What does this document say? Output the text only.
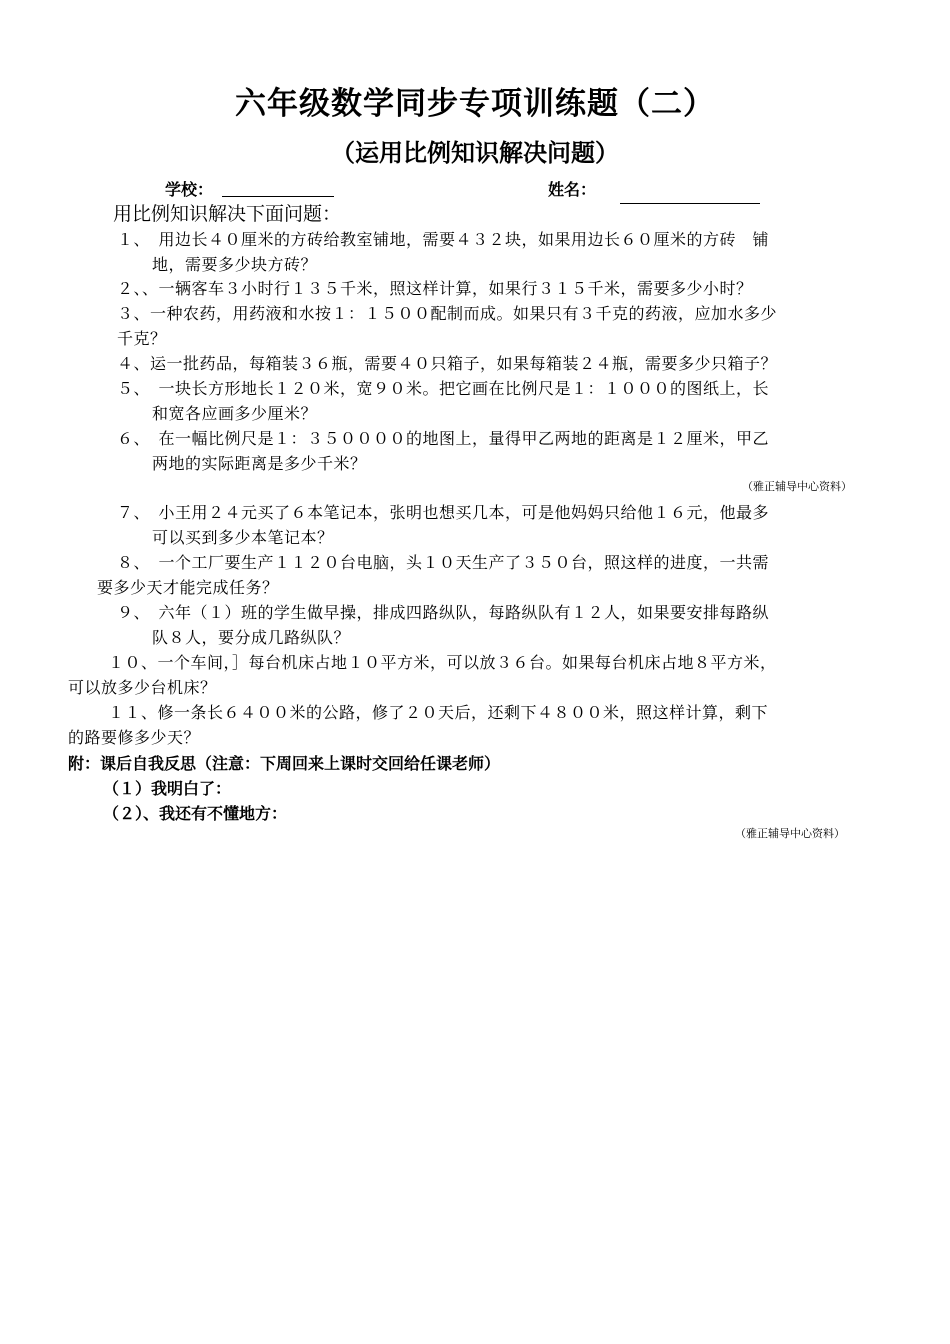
六年级数学同步专项训练题（二）
（运用比例知识解决问题）
学校：	姓名：
用比例知识解决下面问题：
１、　用边长４０厘米的方砖给教室铺地，需要４３２块，如果用边长６０厘米的方砖　铺
地，需要多少块方砖？
２、、一辆客车３小时行１３５千米，照这样计算，如果行３１５千米，需要多少小时？
３、一种农药，用药液和水按１：１５００配制而成。如果只有３千克的药液，应加水多少
千克？
４、运一批药品，每箱装３６瓶，需要４０只箱子，如果每箱装２４瓶，需要多少只箱子？
５、　一块长方形地长１２０米，宽９０米。把它画在比例尺是１：１０００的图纸上，长
和宽各应画多少厘米？
６、　在一幅比例尺是１：３５００００的地图上，量得甲乙两地的距离是１２厘米，甲乙
两地的实际距离是多少千米？
（雅正辅导中心资料）
７、　小王用２４元买了６本笔记本，张明也想买几本，可是他妈妈只给他１６元，他最多
可以买到多少本笔记本？
８、　一个工厂要生产１１２０台电脑，头１０天生产了３５０台，照这样的进度，一共需
要多少天才能完成任务？
９、　六年（１）班的学生做早操，排成四路纵队，每路纵队有１２人，如果要安排每路纵
队８人，要分成几路纵队？
１０、一个车间，］每台机床占地１０平方米，可以放３６台。如果每台机床占地８平方米，
可以放多少台机床？
１１、修一条长６４００米的公路，修了２０天后，还剩下４８００米，照这样计算，剩下
的路要修多少天？
附：课后自我反思（注意：下周回来上课时交回给任课老师）
（１）我明白了：
（２）、我还有不懂地方：
（雅正辅导中心资料）
